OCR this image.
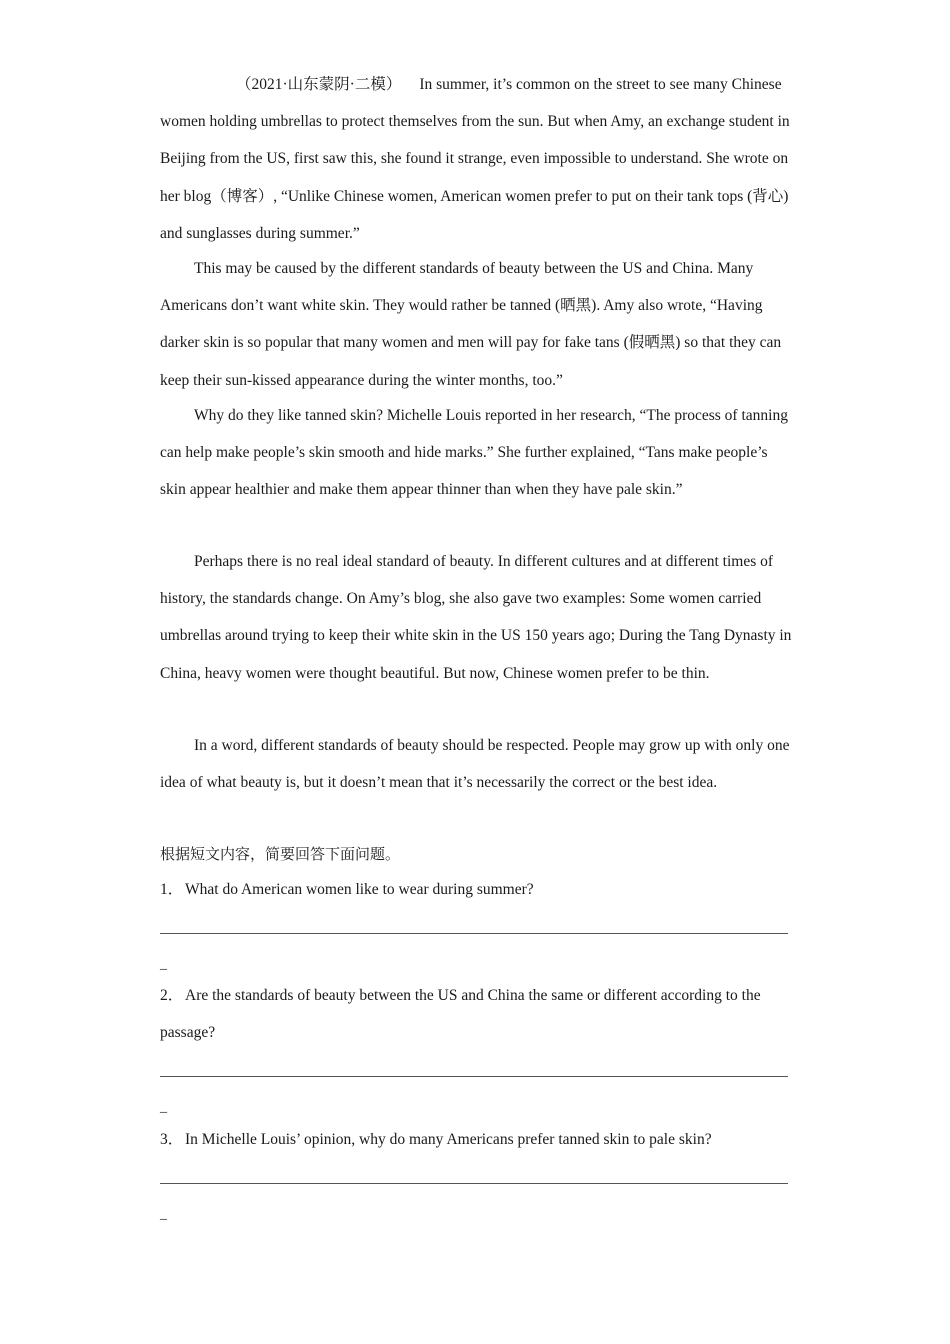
（2021·山东蒙阴·二模） In summer, it’s common on the street to see many Chinese women holding umbrellas to protect themselves from the sun. But when Amy, an exchange student in Beijing from the US, first saw this, she found it strange, even impossible to understand. She wrote on her blog（博客）, “Unlike Chinese women, American women prefer to put on their tank tops (背心) and sunglasses during summer.”

This may be caused by the different standards of beauty between the US and China. Many Americans don’t want white skin. They would rather be tanned (晒黑). Amy also wrote, “Having darker skin is so popular that many women and men will pay for fake tans (假晒黑) so that they can keep their sun-kissed appearance during the winter months, too.”

Why do they like tanned skin? Michelle Louis reported in her research, “The process of tanning can help make people’s skin smooth and hide marks.” She further explained, “Tans make people’s skin appear healthier and make them appear thinner than when they have pale skin.”

Perhaps there is no real ideal standard of beauty. In different cultures and at different times of history, the standards change. On Amy’s blog, she also gave two examples: Some women carried umbrellas around trying to keep their white skin in the US 150 years ago; During the Tang Dynasty in China, heavy women were thought beautiful. But now, Chinese women prefer to be thin.

In a word, different standards of beauty should be respected. People may grow up with only one idea of what beauty is, but it doesn’t mean that it’s necessarily the correct or the best idea.

根据短文内容，简要回答下面问题。

1． What do American women like to wear during summer?

_

2． Are the standards of beauty between the US and China the same or different according to the passage?

_

3． In Michelle Louis’ opinion, why do many Americans prefer tanned skin to pale skin?

_
